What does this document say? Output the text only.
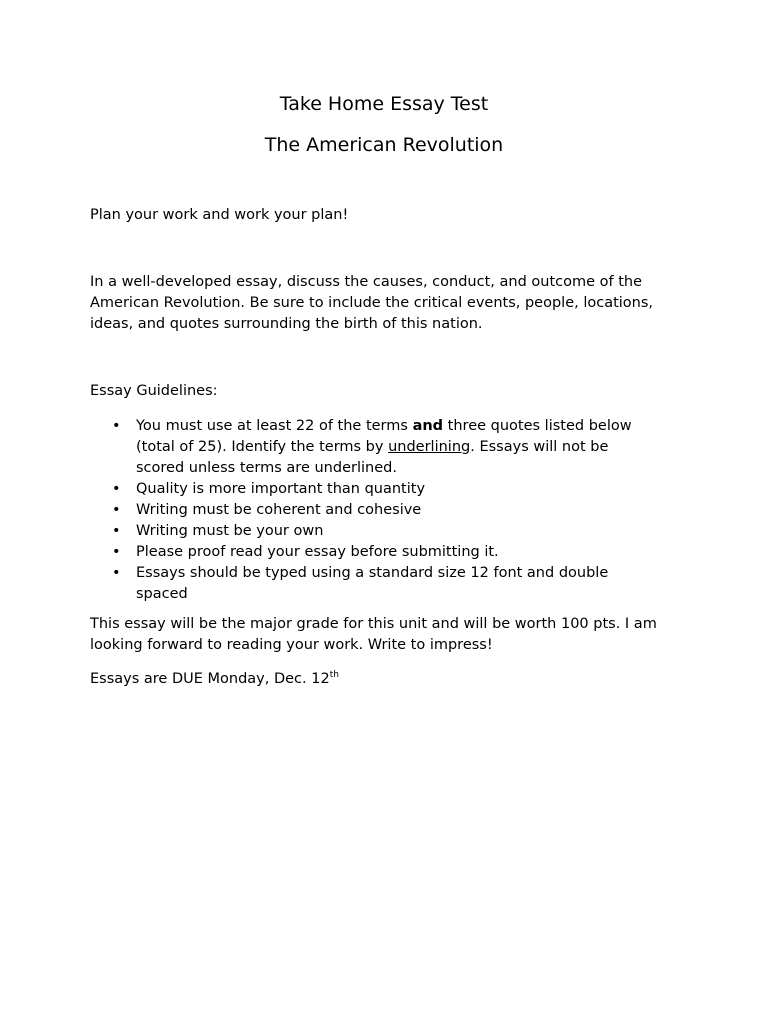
Take Home Essay Test
The American Revolution

Plan your work and work your plan!

In a well-developed essay, discuss the causes, conduct, and outcome of the American Revolution. Be sure to include the critical events, people, locations, ideas, and quotes surrounding the birth of this nation.

Essay Guidelines:

• You must use at least 22 of the terms and three quotes listed below (total of 25). Identify the terms by underlining. Essays will not be scored unless terms are underlined.
• Quality is more important than quantity
• Writing must be coherent and cohesive
• Writing must be your own
• Please proof read your essay before submitting it.
• Essays should be typed using a standard size 12 font and double spaced

This essay will be the major grade for this unit and will be worth 100 pts. I am looking forward to reading your work. Write to impress!

Essays are DUE Monday, Dec. 12th
